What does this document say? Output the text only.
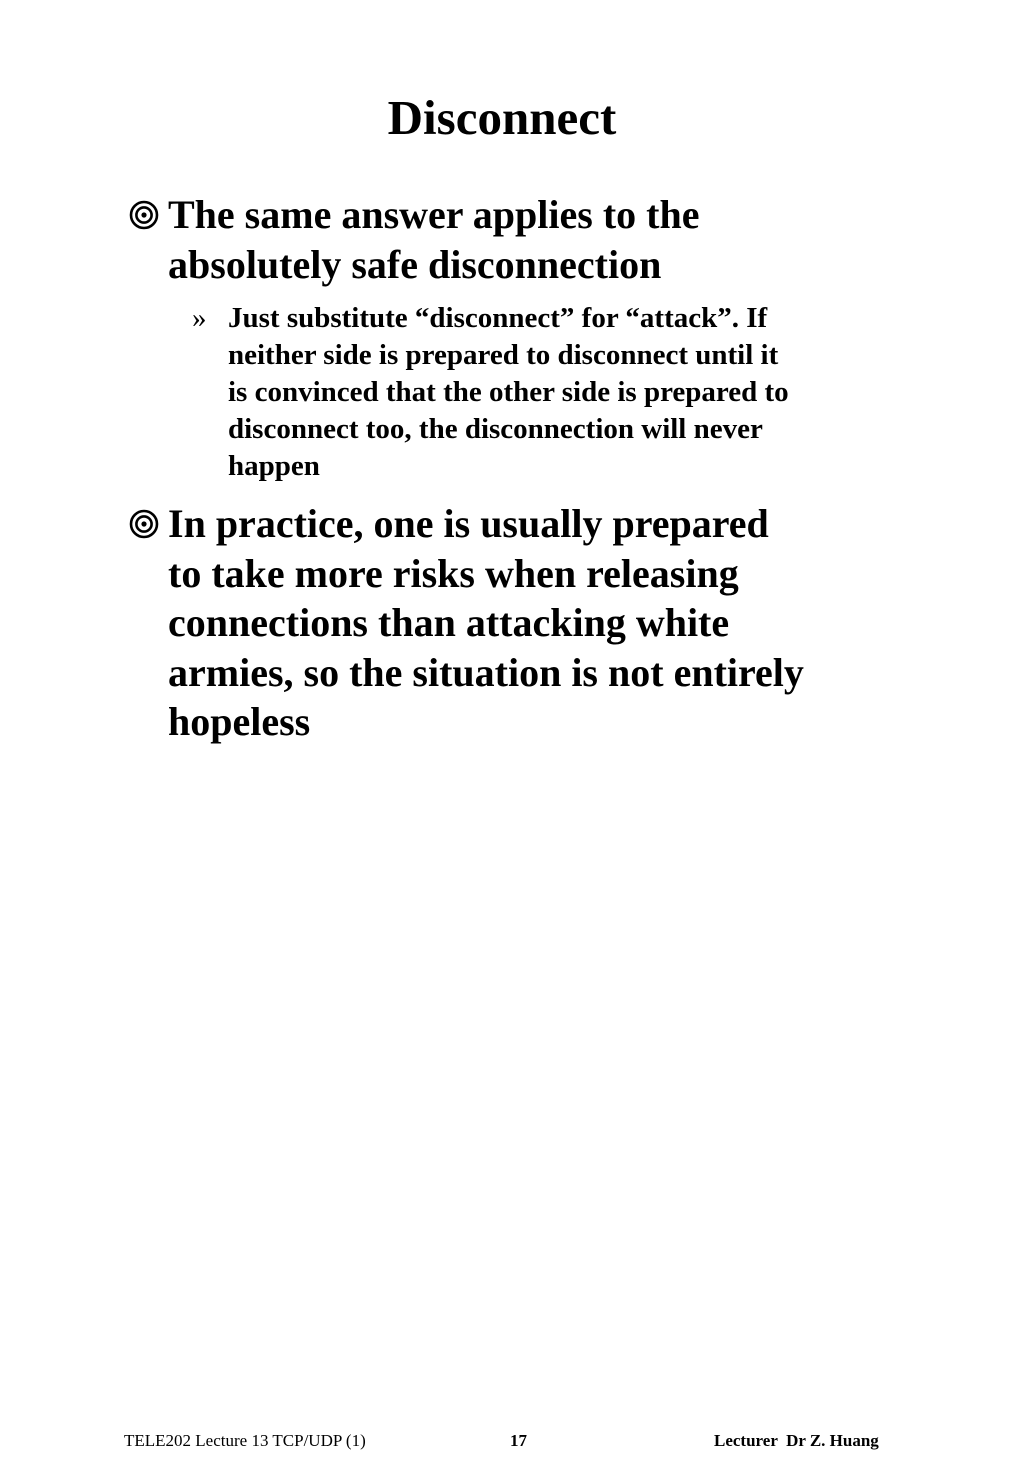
Disconnect

The same answer applies to the
absolutely safe disconnection

» Just substitute “disconnect” for “attack”. If
neither side is prepared to disconnect until it
is convinced that the other side is prepared to
disconnect too, the disconnection will never
happen

In practice, one is usually prepared
to take more risks when releasing
connections than attacking white
armies, so the situation is not entirely
hopeless

TELE202 Lecture 13 TCP/UDP (1)	17	Lecturer  Dr Z. Huang
